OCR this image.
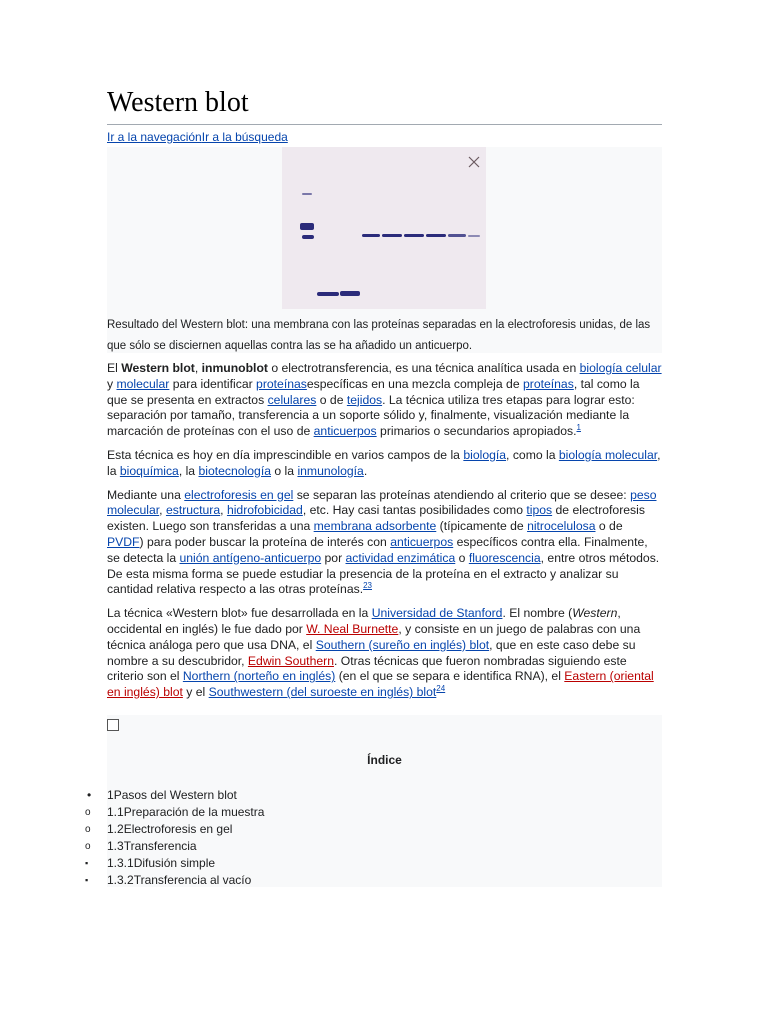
Western blot
Ir a la navegaciónIr a la búsqueda
Resultado del Western blot: una membrana con las proteínas separadas en la electroforesis unidas, de las que sólo se disciernen aquellas contra las se ha añadido un anticuerpo.

El Western blot, inmunoblot o electrotransferencia, es una técnica analítica usada en biología celular y molecular para identificar proteínasespecíficas en una mezcla compleja de proteínas, tal como la que se presenta en extractos celulares o de tejidos. La técnica utiliza tres etapas para lograr esto: separación por tamaño, transferencia a un soporte sólido y, finalmente, visualización mediante la marcación de proteínas con el uso de anticuerpos primarios o secundarios apropiados.$^1$

Esta técnica es hoy en día imprescindible en varios campos de la biología, como la biología molecular, la bioquímica, la biotecnología o la inmunología.

Mediante una electroforesis en gel se separan las proteínas atendiendo al criterio que se desee: peso molecular, estructura, hidrofobicidad, etc. Hay casi tantas posibilidades como tipos de electroforesis existen. Luego son transferidas a una membrana adsorbente (típicamente de nitrocelulosa o de PVDF) para poder buscar la proteína de interés con anticuerpos específicos contra ella. Finalmente, se detecta la unión antígeno-anticuerpo por actividad enzimática o fluorescencia, entre otros métodos. De esta misma forma se puede estudiar la presencia de la proteína en el extracto y analizar su cantidad relativa respecto a las otras proteínas.$^{23}$

La técnica «Western blot» fue desarrollada en la Universidad de Stanford. El nombre (Western, occidental en inglés) le fue dado por W. Neal Burnette, y consiste en un juego de palabras con una técnica análoga pero que usa DNA, el Southern (sureño en inglés) blot, que en este caso debe su nombre a su descubridor, Edwin Southern. Otras técnicas que fueron nombradas siguiendo este criterio son el Northern (norteño en inglés) (en el que se separa e identifica RNA), el Eastern (oriental en inglés) blot y el Southwestern (del suroeste en inglés) blot$^{24}$

Índice
• 1Pasos del Western blot
o 1.1Preparación de la muestra
o 1.2Electroforesis en gel
o 1.3Transferencia
▪ 1.3.1Difusión simple
▪ 1.3.2Transferencia al vacío
